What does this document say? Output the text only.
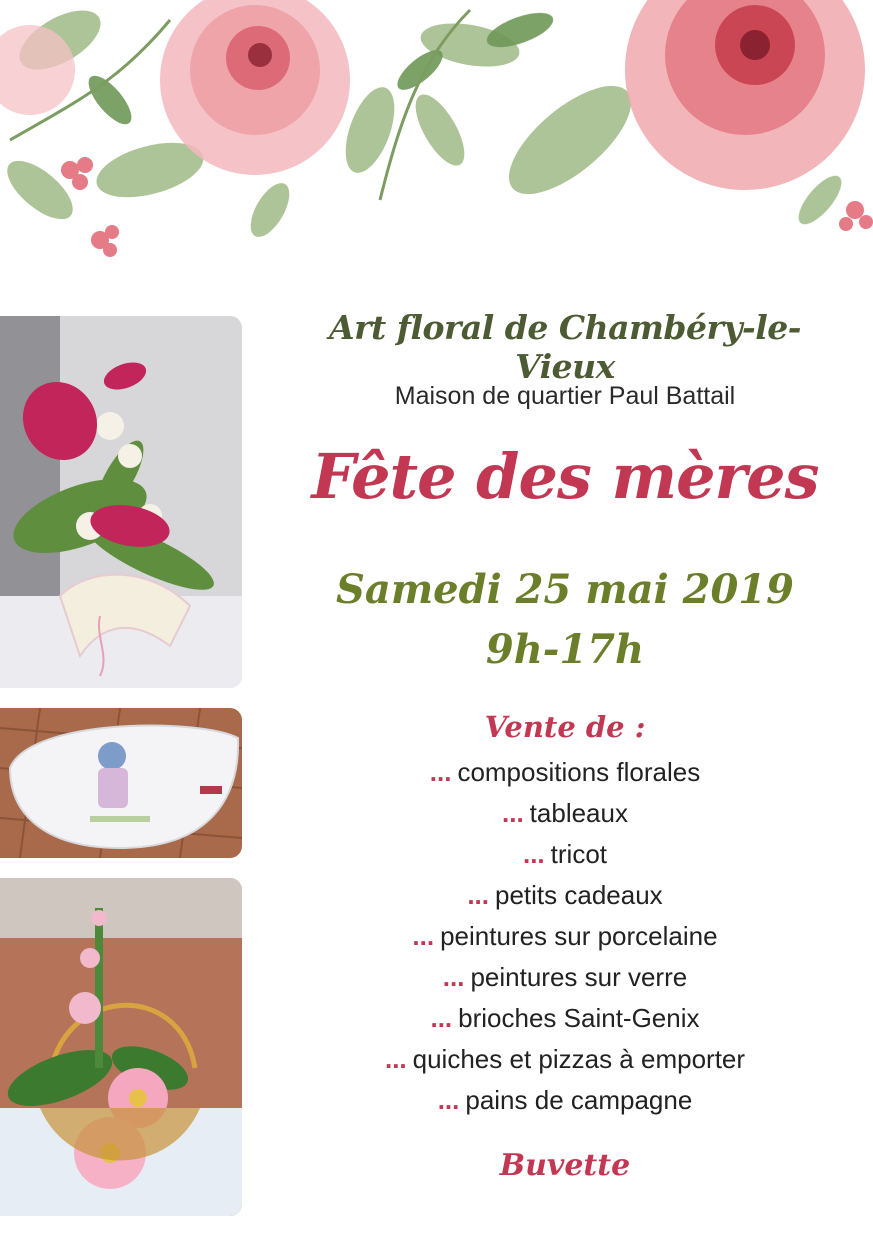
Art floral de Chambéry-le-Vieux
Maison de quartier Paul Battail
Fête des mères
Samedi 25 mai 2019
9h-17h
Vente de :
... compositions florales
... tableaux
... tricot
... petits cadeaux
... peintures sur porcelaine
... peintures sur verre
... brioches Saint-Genix
... quiches et pizzas à emporter
... pains de campagne
Buvette
